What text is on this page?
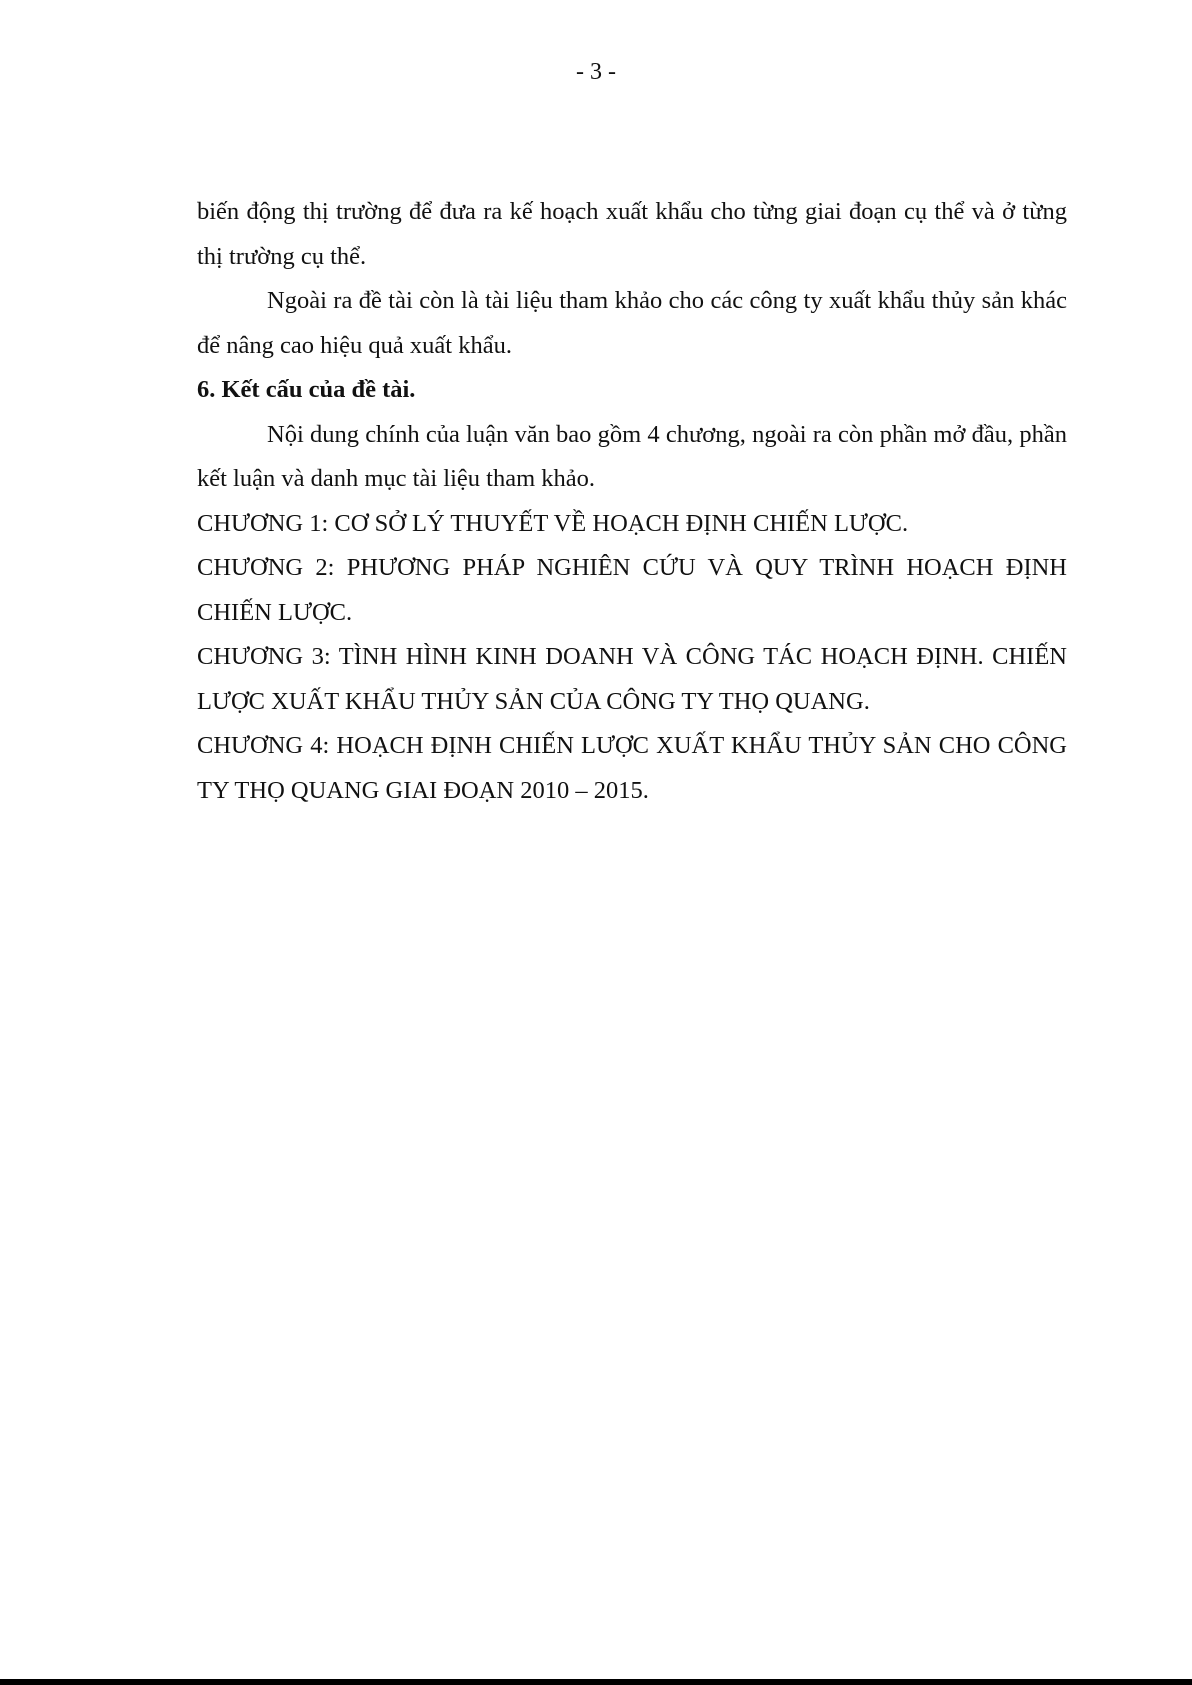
- 3 -

biến động thị trường để đưa ra kế hoạch xuất khẩu cho từng giai đoạn cụ thể và ở từng thị trường cụ thể.

Ngoài ra đề tài còn là tài liệu tham khảo cho các công ty xuất khẩu thủy sản khác để nâng cao hiệu quả xuất khẩu.

6. Kết cấu của đề tài.

Nội dung chính của luận văn bao gồm 4 chương, ngoài ra còn phần mở đầu, phần kết luận và danh mục tài liệu tham khảo.

CHƯƠNG 1: CƠ SỞ LÝ THUYẾT VỀ HOẠCH ĐỊNH CHIẾN LƯỢC.

CHƯƠNG 2: PHƯƠNG PHÁP NGHIÊN CỨU VÀ QUY TRÌNH HOẠCH ĐỊNH CHIẾN LƯỢC.

CHƯƠNG 3: TÌNH HÌNH KINH DOANH VÀ CÔNG TÁC HOẠCH ĐỊNH. CHIẾN LƯỢC XUẤT KHẨU THỦY SẢN CỦA CÔNG TY THỌ QUANG.

CHƯƠNG 4: HOẠCH ĐỊNH CHIẾN LƯỢC XUẤT KHẨU THỦY SẢN CHO CÔNG TY THỌ QUANG GIAI ĐOẠN 2010 – 2015.
